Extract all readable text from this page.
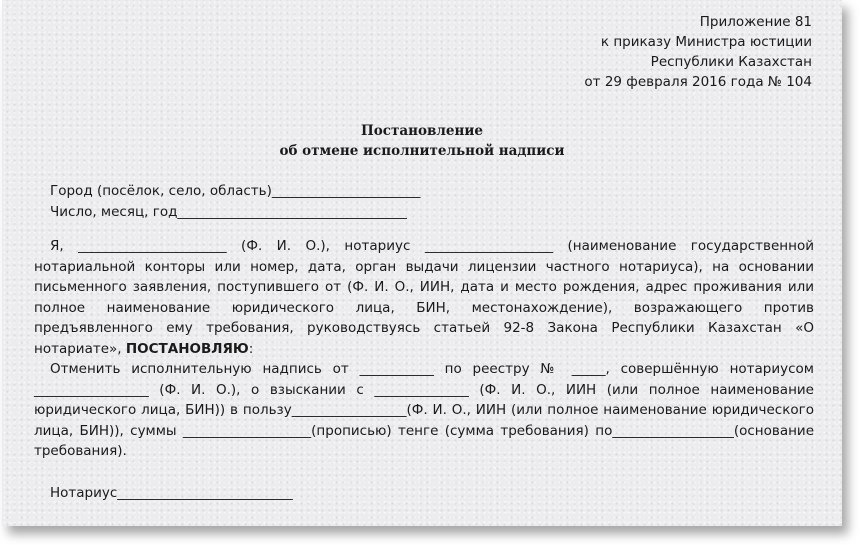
Приложение 81
к приказу Министра юстиции
Республики Казахстан
от 29 февраля 2016 года № 104
Постановление
об отмене исполнительной надписи
Город (посёлок, село, область)______________________
Число, месяц, год__________________________________

Я, ______________________ (Ф. И. О.), нотариус ___________________ (наименование государственной нотариальной конторы или номер, дата, орган выдачи лицензии частного нотариуса), на основании письменного заявления, поступившего от (Ф. И. О., ИИН, дата и место рождения, адрес проживания или полное наименование юридического лица, БИН, местонахождение), возражающего против предъявленного ему требования, руководствуясь статьей 92-8 Закона Республики Казахстан «О нотариате», ПОСТАНОВЛЯЮ:

Отменить исполнительную надпись от ___________ по реестру № _____, совершённую нотариусом _________________ (Ф. И. О.), о взыскании с ______________ (Ф. И. О., ИИН (или полное наименование юридического лица, БИН)) в пользу_________________(Ф. И. О., ИИН (или полное наименование юридического лица, БИН)), суммы ___________________(прописью) тенге (сумма требования) по__________________(основание требования).

Нотариус__________________________
